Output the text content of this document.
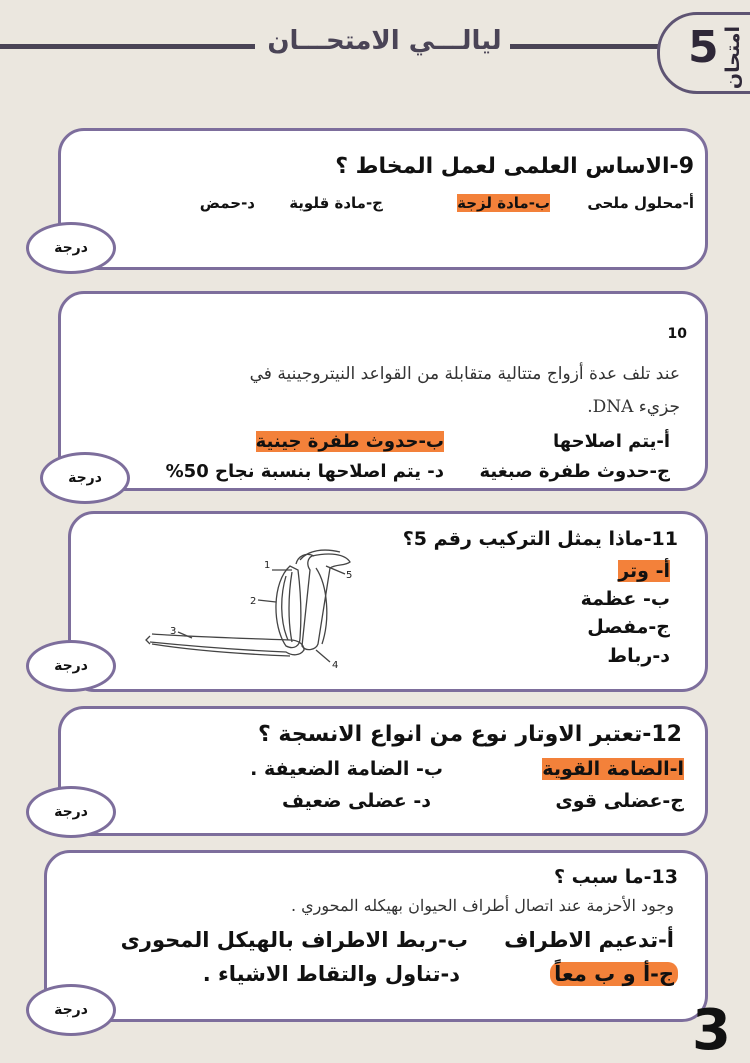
ليالـــي الامتحـــان	5 امتحان
9-الاساس العلمى لعمل المخاط ؟
أ-محلول ملحى
ب-مادة لزجة
ج-مادة قلوية
د-حمض
درجة
10
عند تلف عدة أزواج متتالية متقابلة من القواعد النيتروجينية في
جزيء DNA.
أ-يتم اصلاحها
ب-حدوث طفرة جينية
ج-حدوث طفرة صبغية
د- يتم اصلاحها بنسبة نجاح 50%
درجة
11-ماذا يمثل التركيب رقم 5؟
أ- وتر
ب- عظمة
ج-مفصل
د-رباط
1
2
3
4
5
درجة
12-تعتبر الاوتار نوع من انواع الانسجة ؟
ا-الضامة القوية
ب- الضامة الضعيفة .
ج-عضلى قوى
د- عضلى ضعيف
درجة
13-ما سبب ؟
وجود الأحزمة عند اتصال أطراف الحيوان بهيكله المحوري .
أ-تدعيم الاطراف
ب-ربط الاطراف بالهيكل المحورى
ج-أ و ب معاً
د-تناول والتقاط الاشياء .
درجة	3
